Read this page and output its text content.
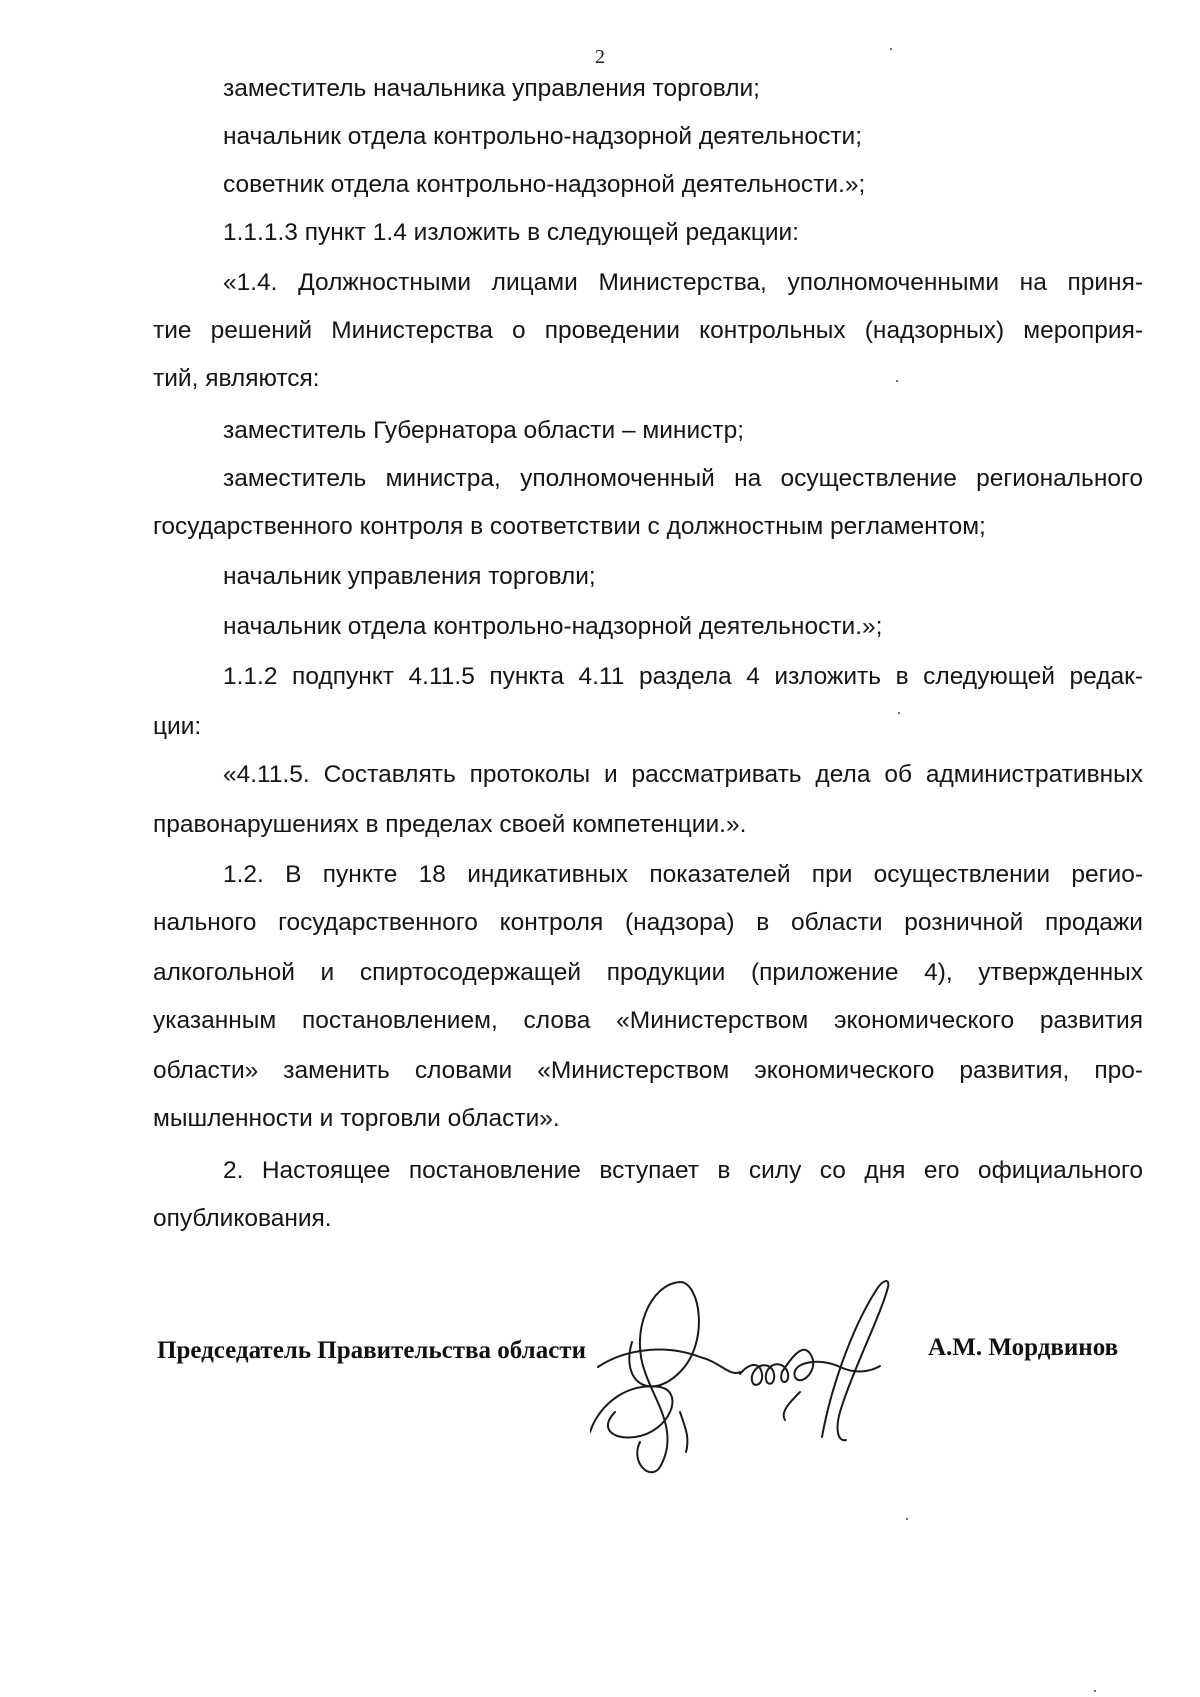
2
заместитель начальника управления торговли;
начальник отдела контрольно-надзорной деятельности;
советник отдела контрольно-надзорной деятельности.»;
1.1.1.3 пункт 1.4 изложить в следующей редакции:
«1.4. Должностными лицами Министерства, уполномоченными на приня-
тие решений Министерства о проведении контрольных (надзорных) мероприя-
тий, являются:
заместитель Губернатора области – министр;
заместитель министра, уполномоченный на осуществление регионального
государственного контроля в соответствии с должностным регламентом;
начальник управления торговли;
начальник отдела контрольно-надзорной деятельности.»;
1.1.2 подпункт 4.11.5 пункта 4.11 раздела 4 изложить в следующей редак-
ции:
«4.11.5. Составлять протоколы и рассматривать дела об административных
правонарушениях в пределах своей компетенции.».
1.2. В пункте 18 индикативных показателей при осуществлении регио-
нального государственного контроля (надзора) в области розничной продажи
алкогольной и спиртосодержащей продукции (приложение 4), утвержденных
указанным постановлением, слова «Министерством экономического развития
области» заменить словами «Министерством экономического развития, про-
мышленности и торговли области».
2. Настоящее постановление вступает в силу со дня его официального
опубликования.
Председатель Правительства области	А.М. Мордвинов
